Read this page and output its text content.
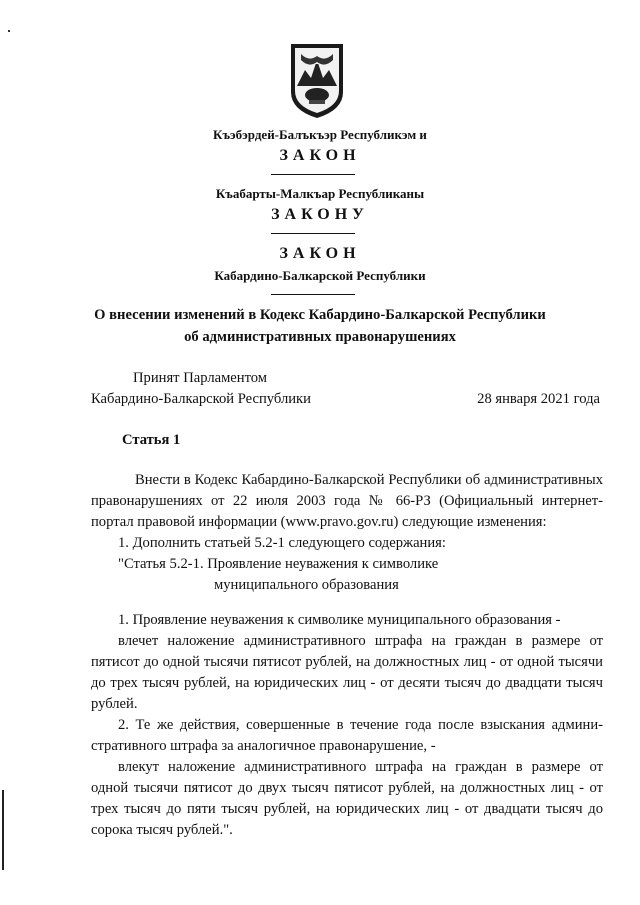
Къэбэрдей-Балъкъэр Республикэм и
ЗАКОН
Къабарты-Малкъар Республиканы
ЗАКОНУ
ЗАКОН
Кабардино-Балкарской Республики
О внесении изменений в Кодекс Кабардино-Балкарской Республики
об административных правонарушениях
Принят Парламентом
Кабардино-Балкарской Республики	28 января 2021 года
Статья 1
Внести в Кодекс Кабардино-Балкарской Республики об административных
правонарушениях от 22 июля 2003 года № 66-РЗ (Официальный интернет-
портал правовой информации (www.pravo.gov.ru) следующие изменения:
1. Дополнить статьей 5.2-1 следующего содержания:
"Статья 5.2-1. Проявление неуважения к символике
муниципального образования
1. Проявление неуважения к символике муниципального образования -
влечет наложение административного штрафа на граждан в размере от
пятисот до одной тысячи пятисот рублей, на должностных лиц - от одной тысячи
до трех тысяч рублей, на юридических лиц - от десяти тысяч до двадцати тысяч
рублей.
2. Те же действия, совершенные в течение года после взыскания админи-
стративного штрафа за аналогичное правонарушение, -
влекут наложение административного штрафа на граждан в размере от
одной тысячи пятисот до двух тысяч пятисот рублей, на должностных лиц - от
трех тысяч до пяти тысяч рублей, на юридических лиц - от двадцати тысяч до
сорока тысяч рублей.".
